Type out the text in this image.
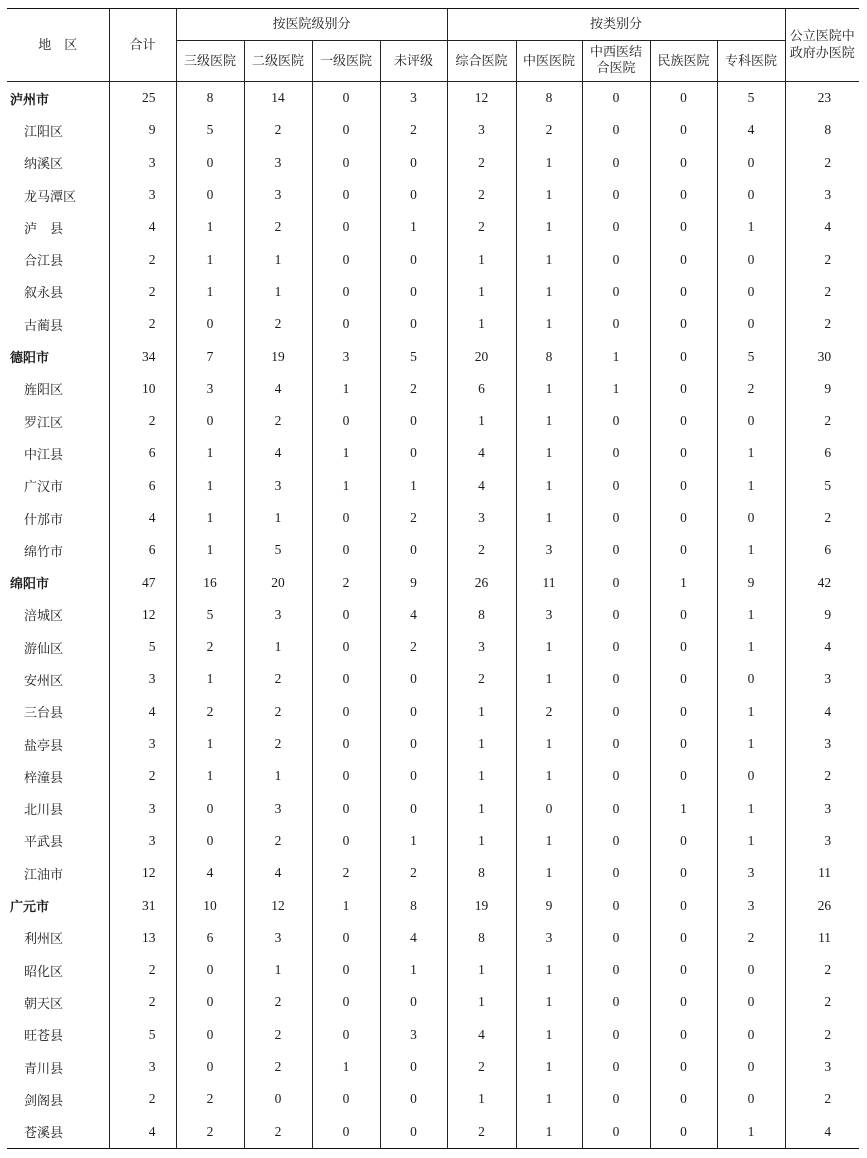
地　区	合计	按医院级别分				按类别分					公立医院中政府办医院
		三级医院	二级医院	一级医院	未评级	综合医院	中医医院	中西医结合医院	民族医院	专科医院	
泸州市	25	8	14	0	3	12	8	0	0	5	23
江阳区	9	5	2	0	2	3	2	0	0	4	8
纳溪区	3	0	3	0	0	2	1	0	0	0	2
龙马潭区	3	0	3	0	0	2	1	0	0	0	3
泸　县	4	1	2	0	1	2	1	0	0	1	4
合江县	2	1	1	0	0	1	1	0	0	0	2
叙永县	2	1	1	0	0	1	1	0	0	0	2
古蔺县	2	0	2	0	0	1	1	0	0	0	2
德阳市	34	7	19	3	5	20	8	1	0	5	30
旌阳区	10	3	4	1	2	6	1	1	0	2	9
罗江区	2	0	2	0	0	1	1	0	0	0	2
中江县	6	1	4	1	0	4	1	0	0	1	6
广汉市	6	1	3	1	1	4	1	0	0	1	5
什邡市	4	1	1	0	2	3	1	0	0	0	2
绵竹市	6	1	5	0	0	2	3	0	0	1	6
绵阳市	47	16	20	2	9	26	11	0	1	9	42
涪城区	12	5	3	0	4	8	3	0	0	1	9
游仙区	5	2	1	0	2	3	1	0	0	1	4
安州区	3	1	2	0	0	2	1	0	0	0	3
三台县	4	2	2	0	0	1	2	0	0	1	4
盐亭县	3	1	2	0	0	1	1	0	0	1	3
梓潼县	2	1	1	0	0	1	1	0	0	0	2
北川县	3	0	3	0	0	1	0	0	1	1	3
平武县	3	0	2	0	1	1	1	0	0	1	3
江油市	12	4	4	2	2	8	1	0	0	3	11
广元市	31	10	12	1	8	19	9	0	0	3	26
利州区	13	6	3	0	4	8	3	0	0	2	11
昭化区	2	0	1	0	1	1	1	0	0	0	2
朝天区	2	0	2	0	0	1	1	0	0	0	2
旺苍县	5	0	2	0	3	4	1	0	0	0	2
青川县	3	0	2	1	0	2	1	0	0	0	3
剑阁县	2	2	0	0	0	1	1	0	0	0	2
苍溪县	4	2	2	0	0	2	1	0	0	1	4
